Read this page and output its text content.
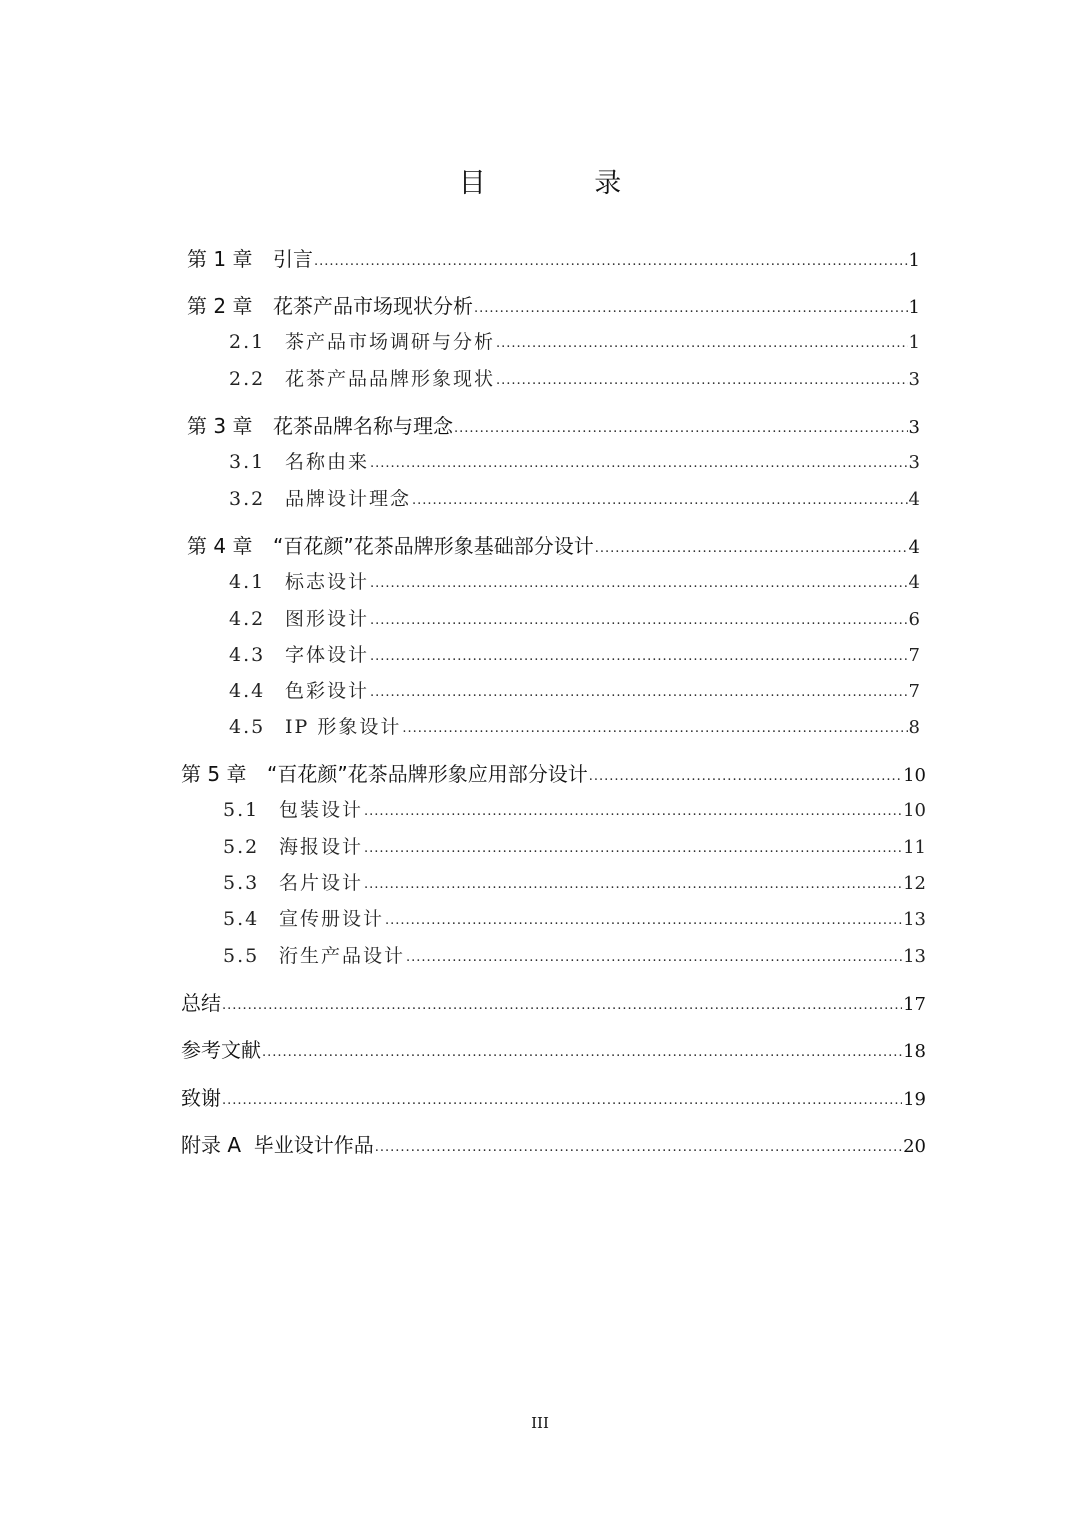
目 录
第 1 章	引言 .....	1
第 2 章	花茶产品市场现状分析 .....	1
2.1	茶产品市场调研与分析 .....	1
2.2	花茶产品品牌形象现状 .....	3
第 3 章	花茶品牌名称与理念 .....	3
3.1	名称由来 .....	3
3.2	品牌设计理念 .....	4
第 4 章	“百花颜”花茶品牌形象基础部分设计 .....	4
4.1	标志设计 .....	4
4.2	图形设计 .....	6
4.3	字体设计 .....	7
4.4	色彩设计 .....	7
4.5	IP 形象设计 .....	8
第 5 章	“百花颜”花茶品牌形象应用部分设计 .....	10
5.1	包装设计 .....	10
5.2	海报设计 .....	11
5.3	名片设计 .....	12
5.4	宣传册设计 .....	13
5.5	洐生产品设计 .....	13
总结 .....	17
参考文献 .....	18
致谢 .....	19
附录 A  毕业设计作品 .....	20
III
